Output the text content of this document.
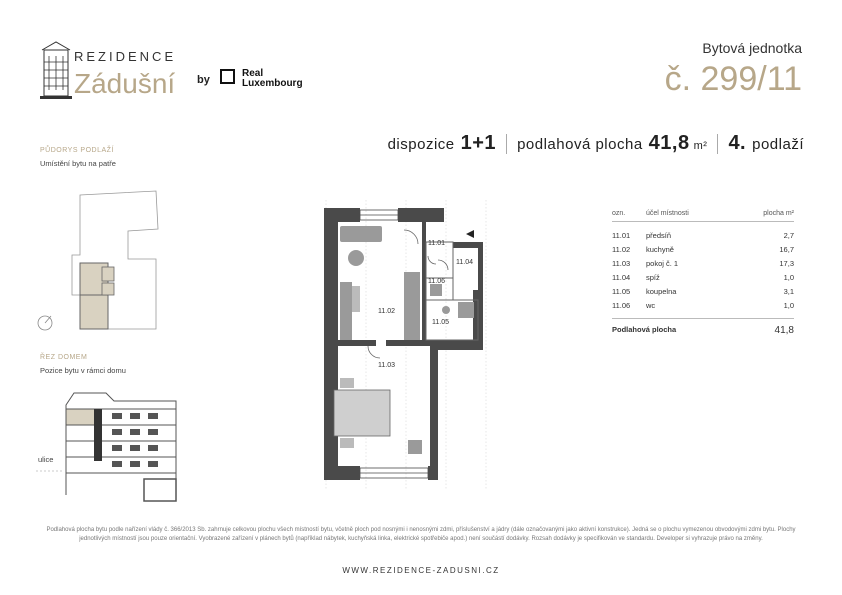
REZIDENCE
Zádušní by
Real
Luxembourg
Bytová jednotka
č. 299/11
dispozice 1+1 podlahová plocha 41,8 m² 4. podlaží
PŮDORYS PODLAŽÍ
Umístění bytu na patře
ŘEZ DOMEM
Pozice bytu v rámci domu
ulice
11.01
11.02
11.03
11.04
11.05
11.06
ozn.	účel místnosti	plocha m²
11.01	předsíň	2,7
11.02	kuchyně	16,7
11.03	pokoj č. 1	17,3
11.04	spíž	1,0
11.05	koupelna	3,1
11.06	wc	1,0
Podlahová plocha	41,8
Podlahová plocha bytu podle nařízení vlády č. 366/2013 Sb. zahrnuje celkovou plochu všech místností bytu, včetně ploch pod nosnými i nenosnými zdmi, příslušenství a jádry (dále označovanými jako aktivní konstrukce). Jedná se o plochu vymezenou obvodovými zdmi bytu. Plochy jednotlivých místností jsou pouze orientační. Vyobrazené zařízení v plánech bytů (například nábytek, kuchyňská linka, elektrické spotřebiče apod.) není součástí dodávky. Rozsah dodávky je specifikován ve standardu. Developer si vyhrazuje právo na změny.
WWW.REZIDENCE-ZADUSNI.CZ
